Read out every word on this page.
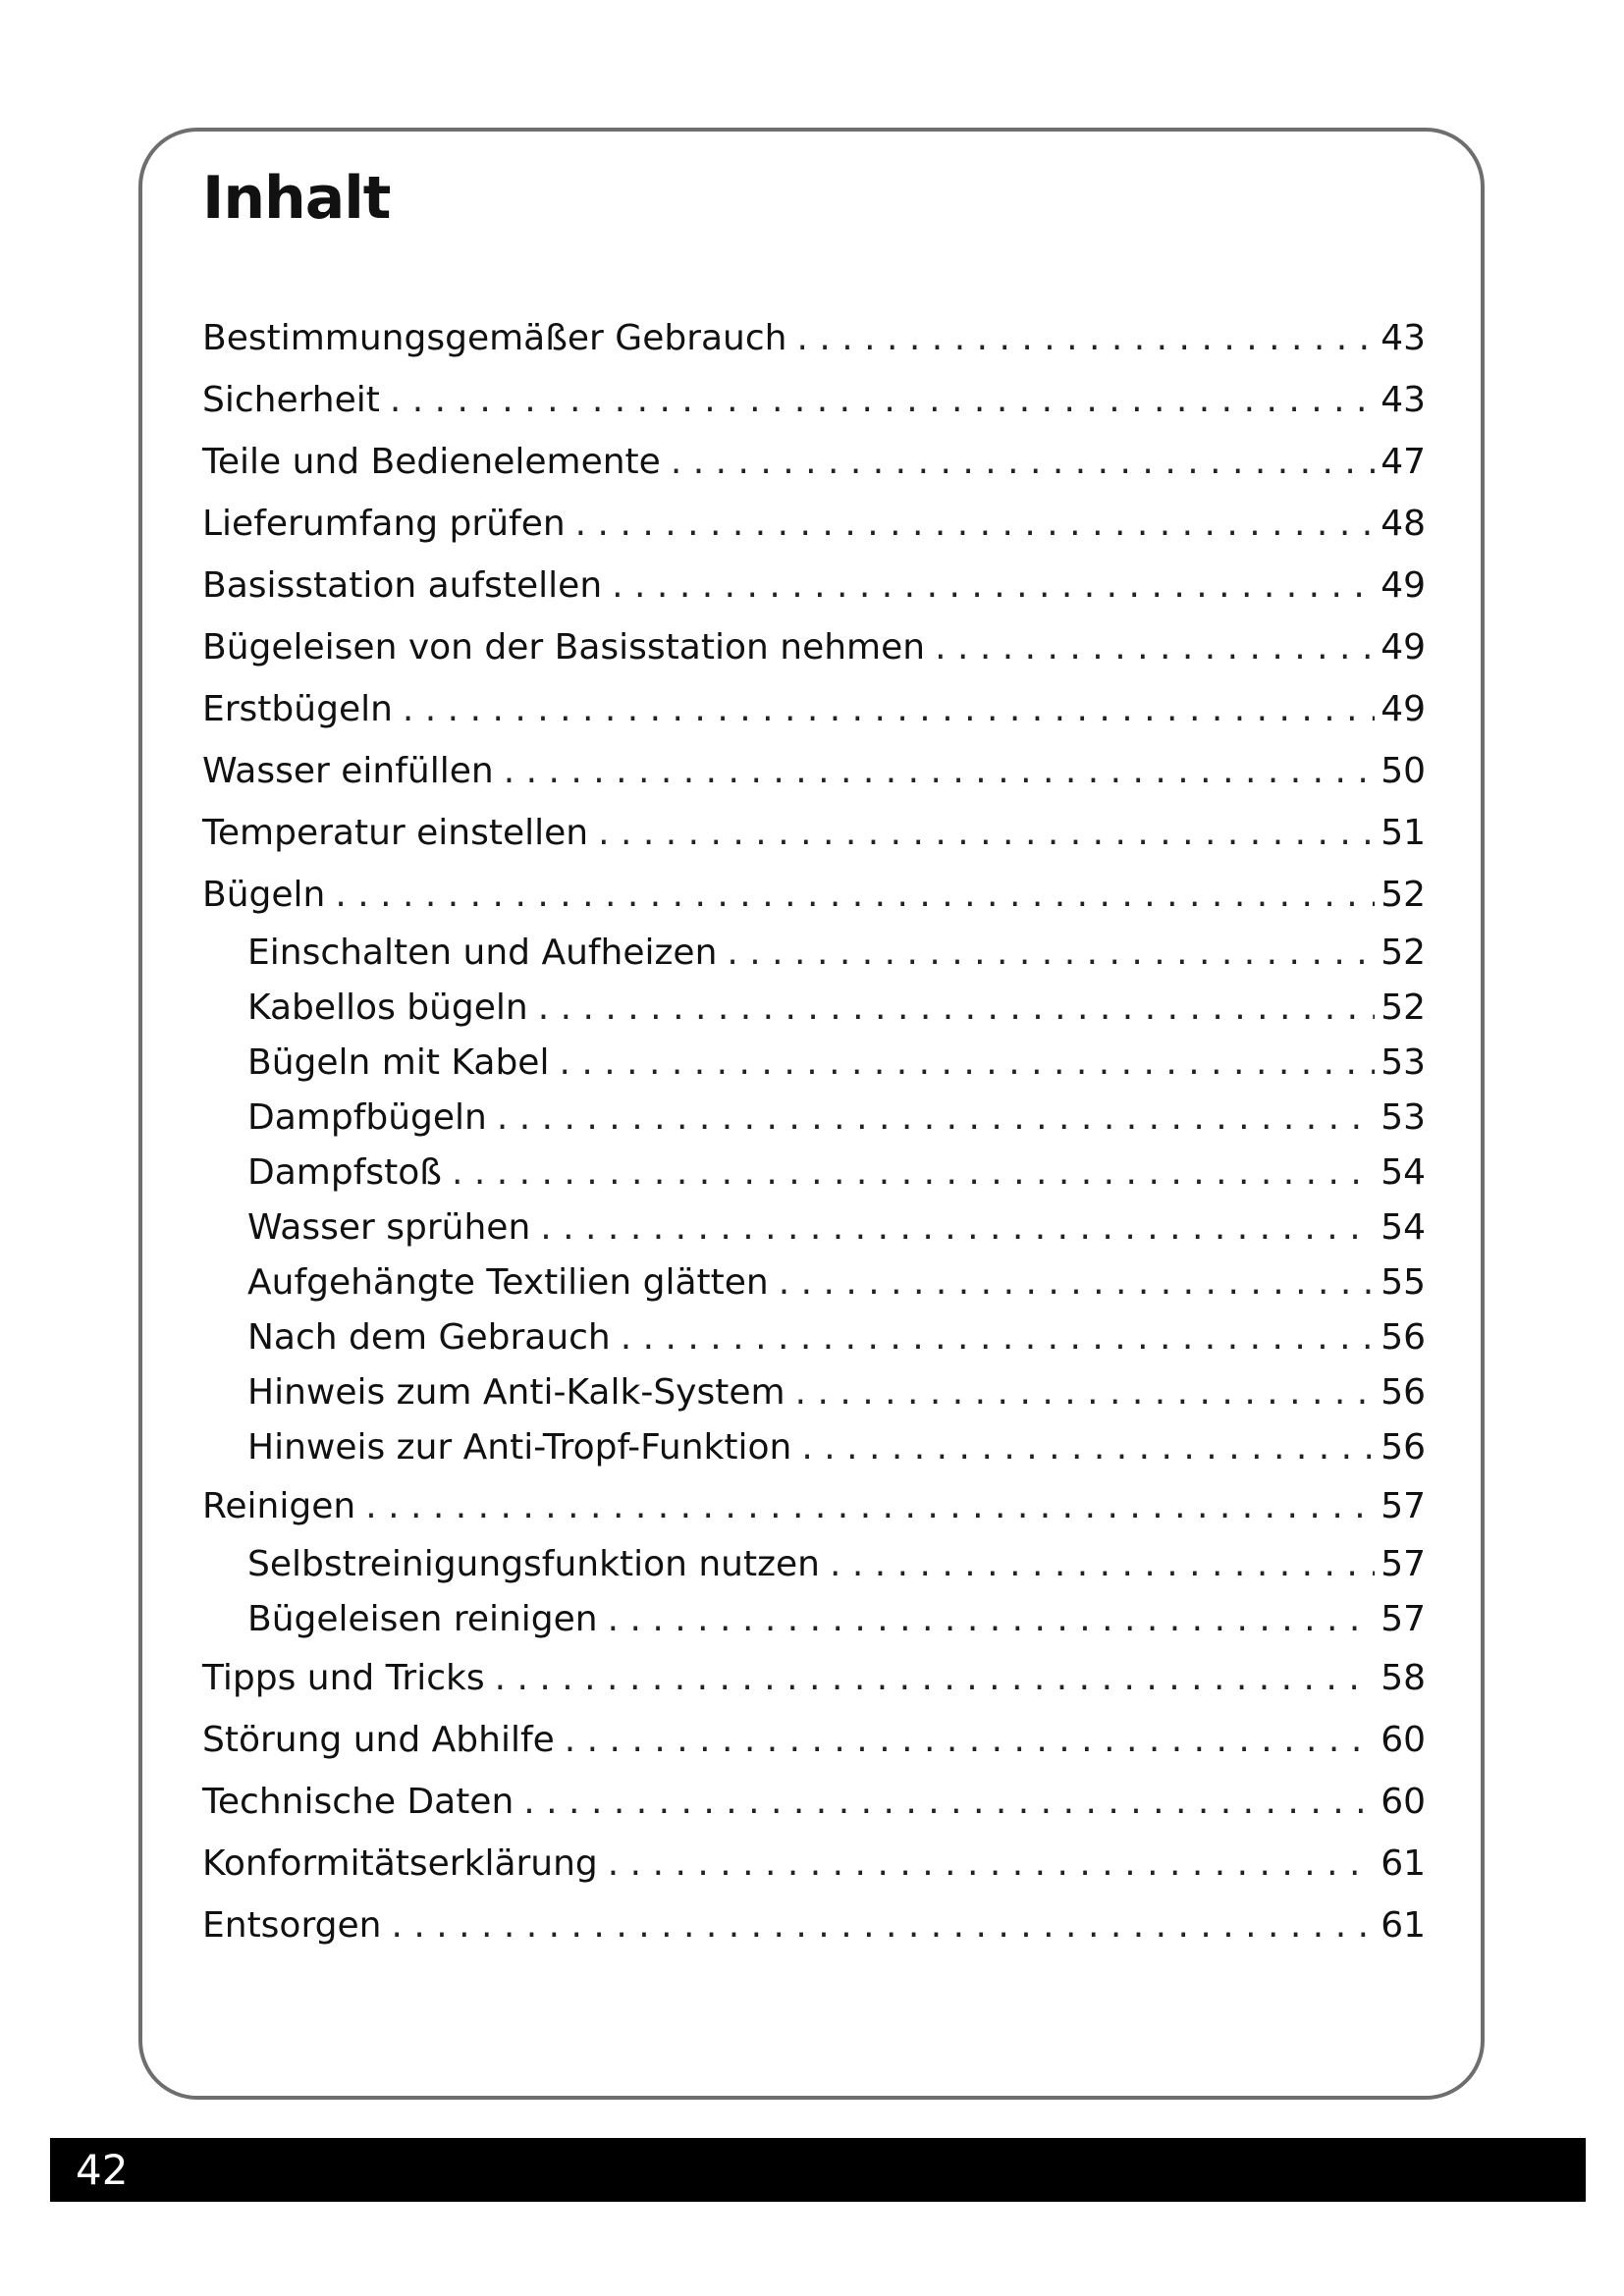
Inhalt
Bestimmungsgemäßer Gebrauch . . .	43
Sicherheit . . .	43
Teile und Bedienelemente . . .	47
Lieferumfang prüfen . . .	48
Basisstation aufstellen . . .	49
Bügeleisen von der Basisstation nehmen . . .	49
Erstbügeln . . .	49
Wasser einfüllen . . .	50
Temperatur einstellen . . .	51
Bügeln . . .	52
Einschalten und Aufheizen . . .	52
Kabellos bügeln . . .	52
Bügeln mit Kabel . . .	53
Dampfbügeln . . .	53
Dampfstoß . . .	54
Wasser sprühen . . .	54
Aufgehängte Textilien glätten . . .	55
Nach dem Gebrauch . . .	56
Hinweis zum Anti-Kalk-System . . .	56
Hinweis zur Anti-Tropf-Funktion . . .	56
Reinigen . . .	57
Selbstreinigungsfunktion nutzen . . .	57
Bügeleisen reinigen . . .	57
Tipps und Tricks . . .	58
Störung und Abhilfe . . .	60
Technische Daten . . .	60
Konformitätserklärung . . .	61
Entsorgen . . .	61
42
